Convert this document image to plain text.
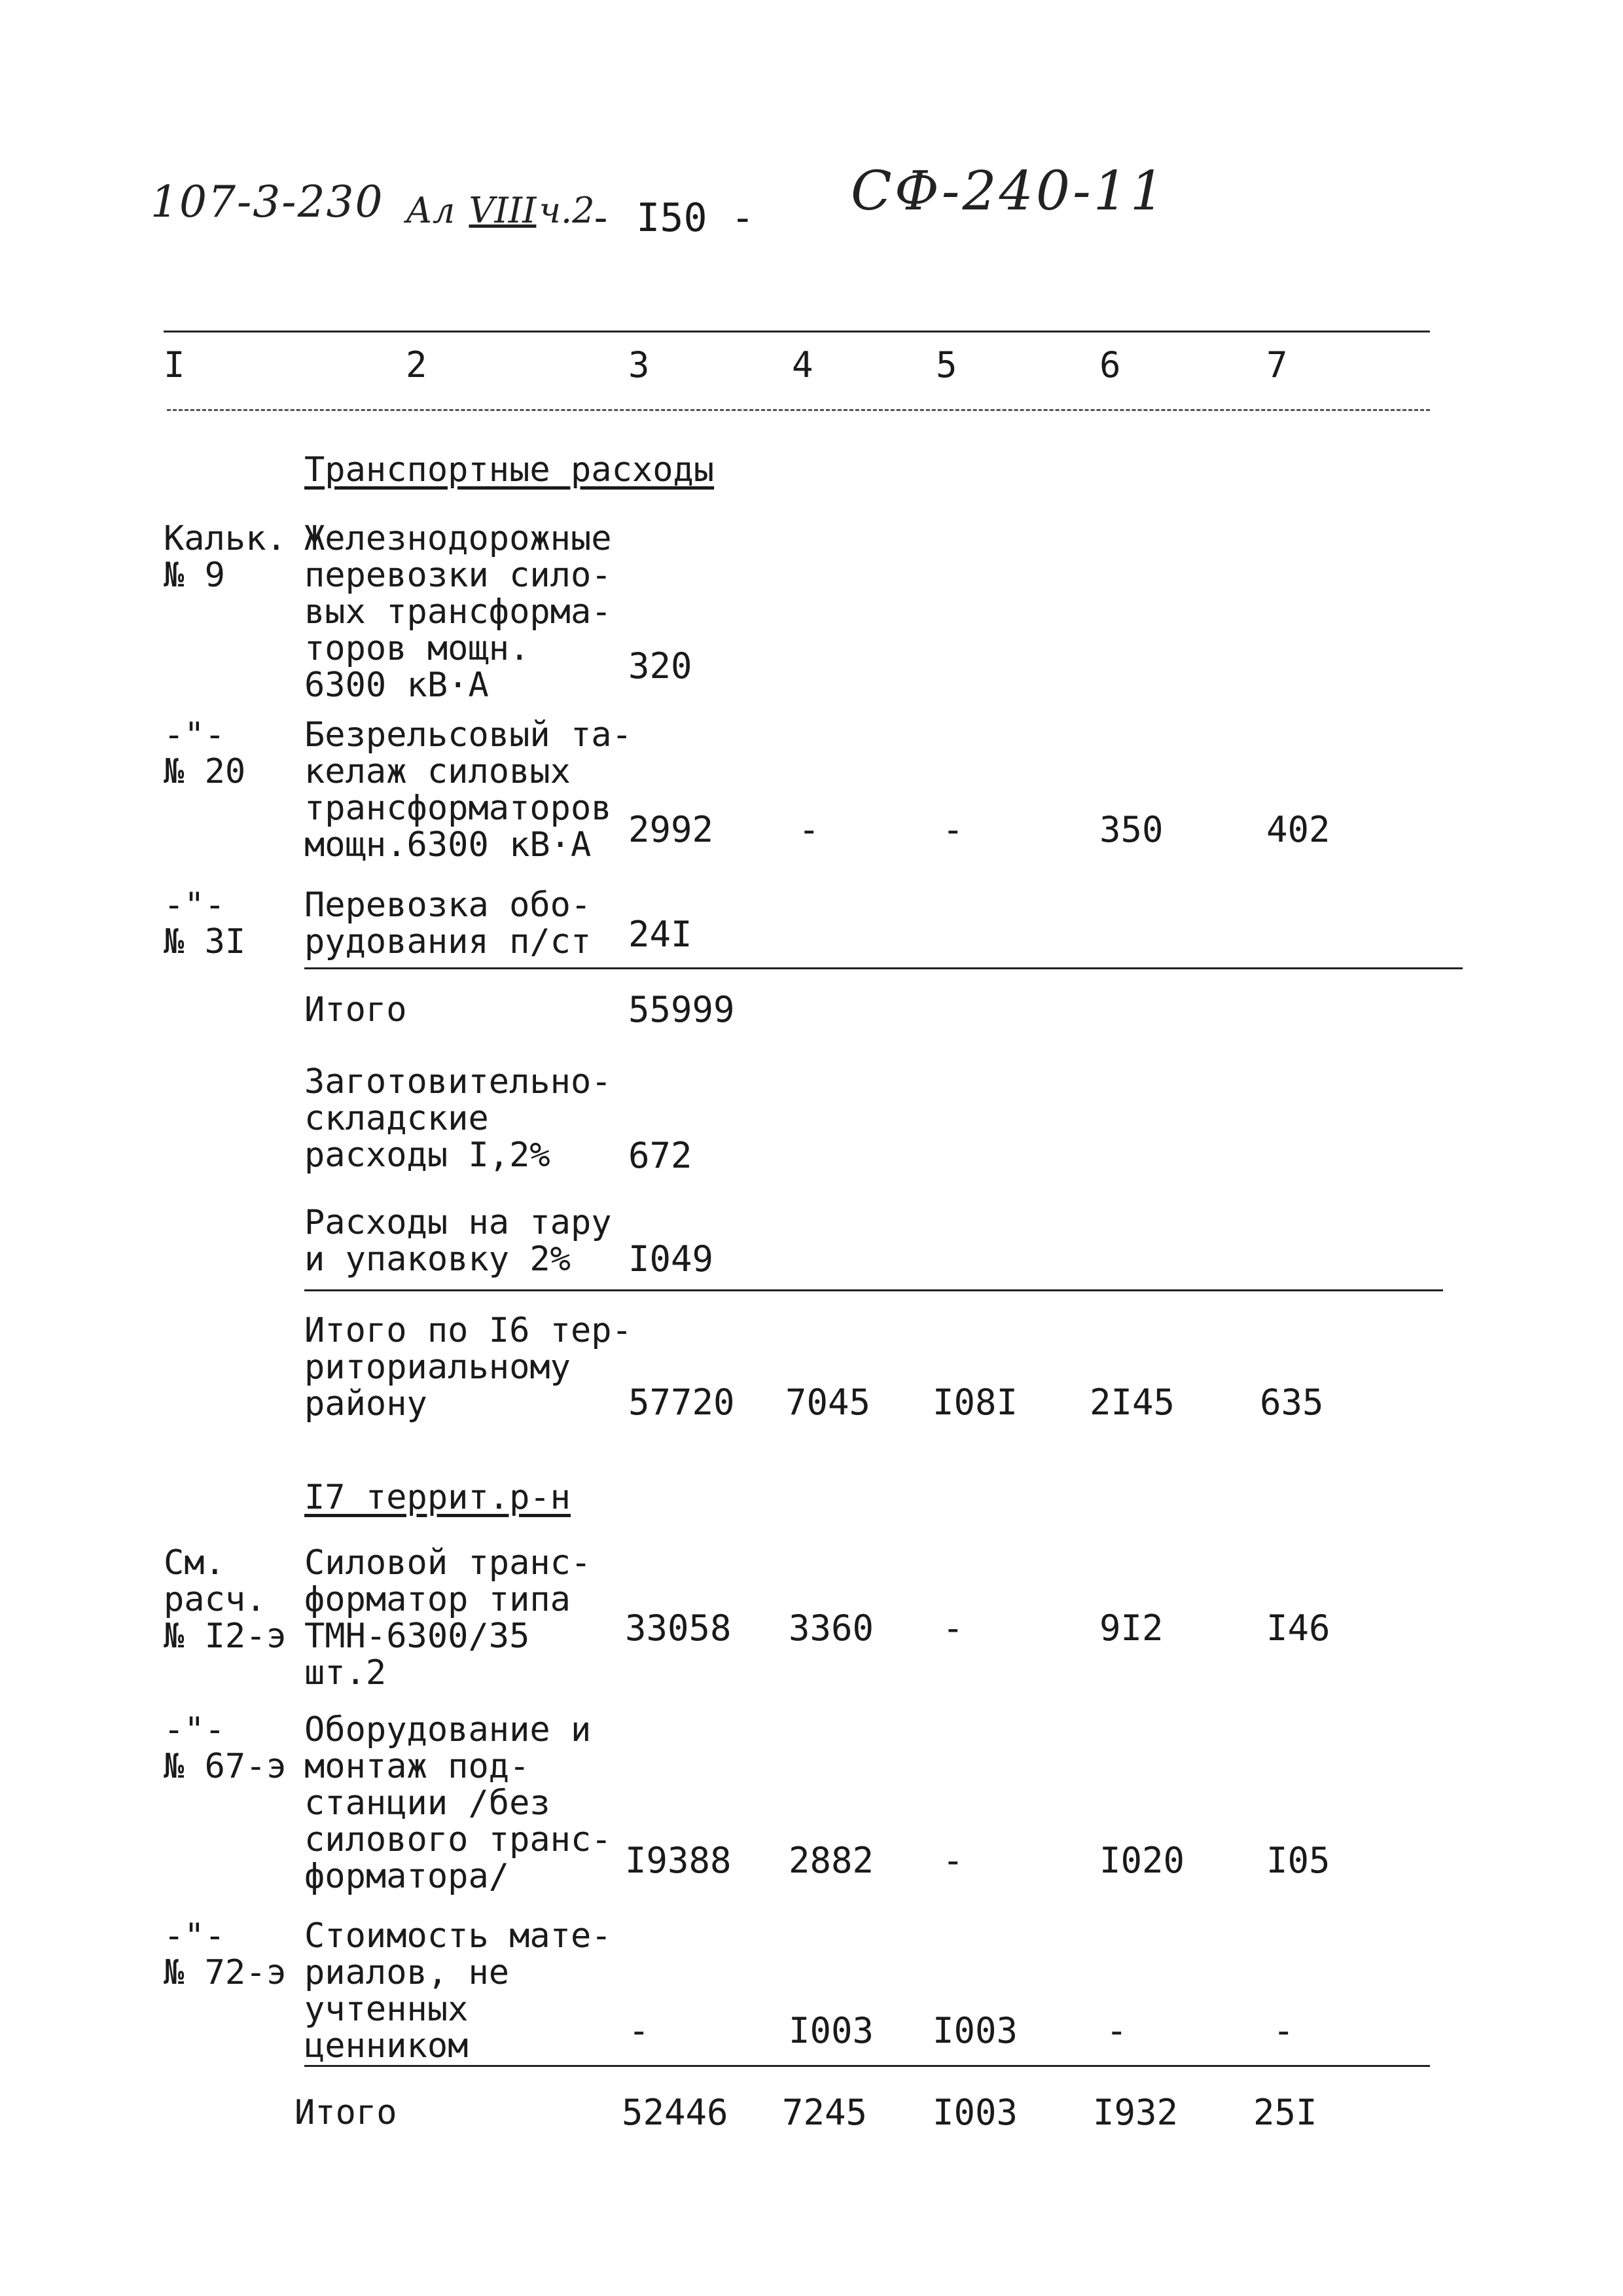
107-3-230 Ал VIIIч.2
- I50 - СФ-240-11
I	2	3	4	5	6	7
Транспортные расходы
Кальк.
№ 9
Железнодорожные
перевозки сило-
вых трансформа-
торов мощн.
6300 кВ·А	320
-"-
№ 20
Безрельсовый та-
келаж силовых
трансформаторов
мощн.6300 кВ·А	2992 -	-	350	402
-"-
№ 3I
Перевозка обо-
рудования п/ст 24I
Итого	55999
Заготовительно-
складские
расходы I,2%	672
Расходы на тару
и упаковку 2%	I049
Итого по I6 тер-
риториальному
району	57720 7045 I08I 2I45 635
I7 террит.р-н
См.
расч.
№ I2-э
Силовой транс-
форматор типа
ТМН-6300/35
шт.2
33058 3360 -	9I2	I46
-"-
№ 67-э
Оборудование и
монтаж под-
станции /без
силового транс-
форматора/	I9388 2882 -	I020 I05
-"-
№ 72-э
Стоимость мате-
риалов, не
учтенных
ценником	-	I003 I003 -	-
Итого	52446 7245 I003 I932 25I
